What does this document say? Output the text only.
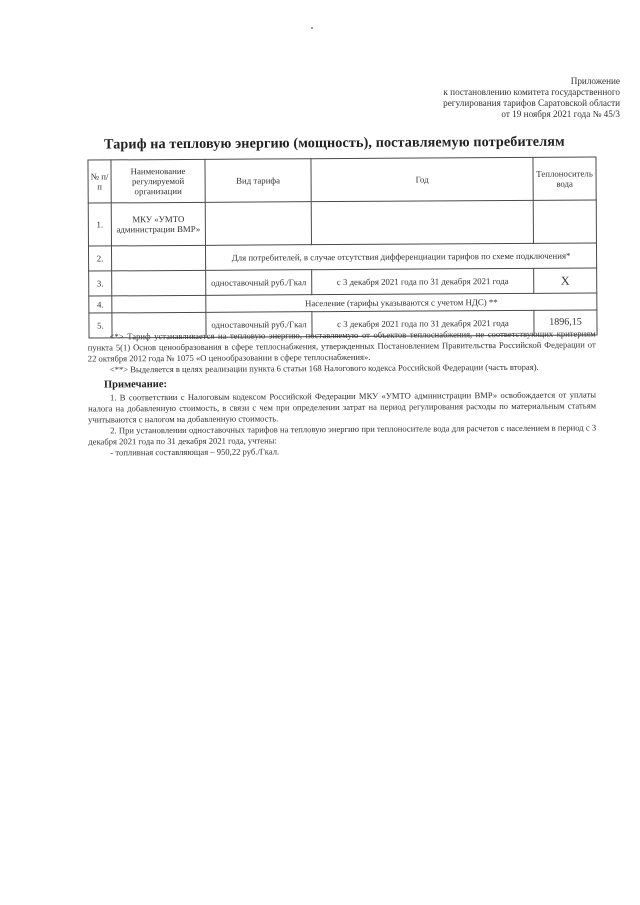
Приложение
к постановлению комитета государственного
регулирования тарифов Саратовской области
от 19 ноября 2021 года № 45/3
Тариф на тепловую энергию (мощность), поставляемую потребителям
№ п/п	Наименование регулируемой организации	Вид тарифа	Год	Теплоноситель вода
1.	МКУ «УМТО администрации ВМР»			
2.		Для потребителей, в случае отсутствия дифференциации тарифов по схеме подключения*		
3.		одноставочный руб./Гкал	с 3 декабря 2021 года по 31 декабря 2021 года	X
4.		Население (тарифы указываются с учетом НДС) **		
5.		одноставочный руб./Гкал	с 3 декабря 2021 года по 31 декабря 2021 года	1896,15

<*> Тариф устанавливается на тепловую энергию, поставляемую от объектов теплоснабжения, не соответствующих критериям пункта 5(1) Основ ценообразования в сфере теплоснабжения, утвержденных Постановлением Правительства Российской Федерации от 22 октября 2012 года № 1075 «О ценообразовании в сфере теплоснабжения».

<**> Выделяется в целях реализации пункта 6 статьи 168 Налогового кодекса Российской Федерации (часть вторая).

Примечание:

1. В соответствии с Налоговым кодексом Российской Федерации МКУ «УМТО администрации ВМР» освобождается от уплаты налога на добавленную стоимость, в связи с чем при определении затрат на период регулирования расходы по материальным статьям учитываются с налогом на добавленную стоимость.

2. При установлении одноставочных тарифов на тепловую энергию при теплоносителе вода для расчетов с населением в период с 3 декабря 2021 года по 31 декабря 2021 года, учтены:

- топливная составляющая – 950,22 руб./Гкал.
